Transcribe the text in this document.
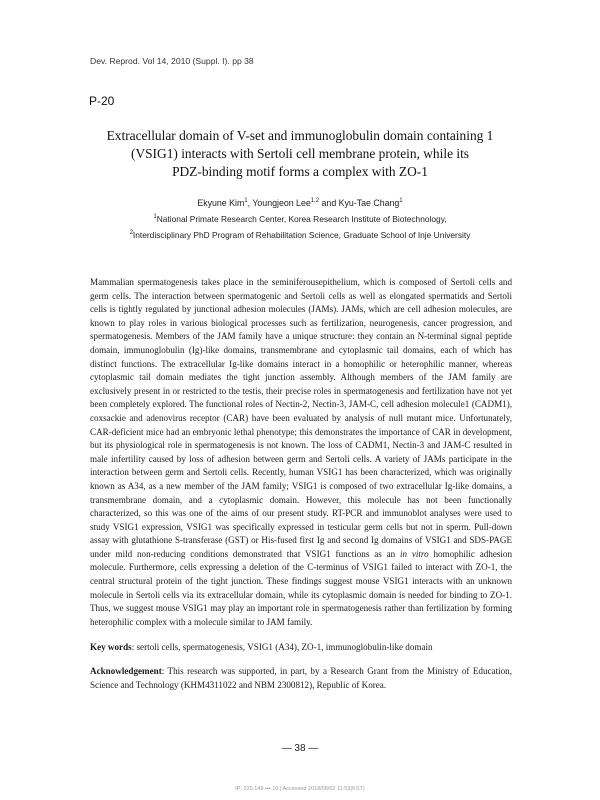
Dev. Reprod. Vol 14, 2010 (Suppl. I). pp 38
P-20
Extracellular domain of V-set and immunoglobulin domain containing 1
(VSIG1) interacts with Sertoli cell membrane protein, while its
PDZ-binding motif forms a complex with ZO-1
Ekyune Kim$^1$, Youngjeon Lee$^{1,2}$ and Kyu-Tae Chang$^1$
$^1$National Primate Research Center, Korea Research Institute of Biotechnology,
$^2$Interdisciplinary PhD Program of Rehabilitation Science, Graduate School of Inje University

Mammalian spermatogenesis takes place in the seminiferousepithelium, which is composed of Sertoli cells and germ cells. The interaction between spermatogenic and Sertoli cells as well as elongated spermatids and Sertoli cells is tightly regulated by junctional adhesion molecules (JAMs). JAMs, which are cell adhesion molecules, are known to play roles in various biological processes such as fertilization, neurogenesis, cancer progression, and spermatogenesis. Members of the JAM family have a unique structure: they contain an N-terminal signal peptide domain, immunoglobulin (Ig)-like domains, transmembrane and cytoplasmic tail domains, each of which has distinct functions. The extracellular Ig-like domains interact in a homophilic or heterophilic manner, whereas cytoplasmic tail domain mediates the tight junction assembly. Although members of the JAM family are exclusively present in or restricted to the testis, their precise roles in spermatogenesis and fertilization have not yet been completely explored. The functional roles of Nectin-2, Nectin-3, JAM-C, cell adhesion molecule1 (CADM1), coxsackie and adenovirus receptor (CAR) have been evaluated by analysis of null mutant mice. Unfortunately, CAR-deficient mice had an embryonic lethal phenotype; this demonstrates the importance of CAR in development, but its physiological role in spermatogenesis is not known. The loss of CADM1, Nectin-3 and JAM-C resulted in male infertility caused by loss of adhesion between germ and Sertoli cells. A variety of JAMs participate in the interaction between germ and Sertoli cells. Recently, human VSIG1 has been characterized, which was originally known as A34, as a new member of the JAM family; VSIG1 is composed of two extracellular Ig-like domains, a transmembrane domain, and a cytoplasmic domain. However, this molecule has not been functionally characterized, so this was one of the aims of our present study. RT-PCR and immunoblot analyses were used to study VSIG1 expression, VSIG1 was specifically expressed in testicular germ cells but not in sperm. Pull-down assay with glutathione S-transferase (GST) or His-fused first Ig and second Ig domains of VSIG1 and SDS-PAGE under mild non-reducing conditions demonstrated that VSIG1 functions as an in vitro homophilic adhesion molecule. Furthermore, cells expressing a deletion of the C-terminus of VSIG1 failed to interact with ZO-1, the central structural protein of the tight junction. These findings suggest mouse VSIG1 interacts with an unknown molecule in Sertoli cells via its extracellular domain, while its cytoplasmic domain is needed for binding to ZO-1. Thus, we suggest mouse VSIG1 may play an important role in spermatogenesis rather than fertilization by forming heterophilic complex with a molecule similar to JAM family.

Key words: sertoli cells, spermatogenesis, VSIG1 (A34), ZO-1, immunoglobulin-like domain

Acknowledgement: This research was supported, in part, by a Research Grant from the Ministry of Education, Science and Technology (KHM4311022 and NBM 2300812), Republic of Korea.

— 38 —
IP: 220.149.•••.10 | Accessed 2018/08/02 11:53(KST)
